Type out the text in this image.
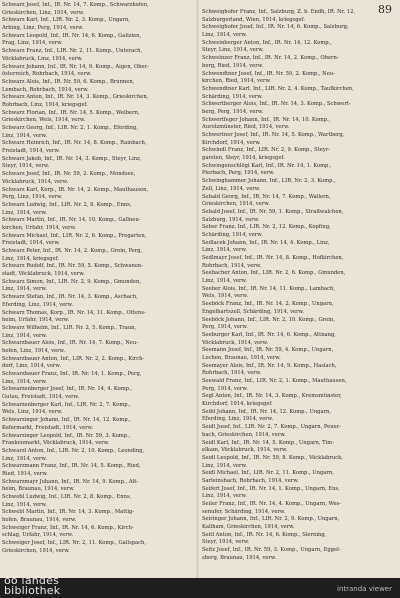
89
Schwarz Josef, Inf., IR. Nr. 14, 7. Komp., Schwarzhofen,
Grieskirchen, Linz, 1914, verw.
Schwarz Karl, Inf., LIR. Nr. 2, 3. Komp., Ungarn,
Arbing, Linz, Perg, 1914, verw.
Schwarz Leopold, Inf., IR. Nr. 14, 6. Komp., Galizien,
Prag, Linz, 1914, verw.
Schwarz Franz, Inf., LIR. Nr. 2, 11. Komp., Unterach,
Vöcklabruck, Linz, 1914, verw.
Schwarz Johann, Inf., IR. Nr. 14, 9. Komp., Aigen, Ober-
österreich, Rohrbach, 1914, verw.
Schwarz Alois, Inf., IR. Nr. 59, 6. Komp., Brunnen,
Lembach, Rohrbach, 1914, verw.
Schwarz Anton, Inf., IR. Nr. 14, 3. Komp., Grieskirchen,
Rohrbach, Linz, 1914, kriegsgef.
Schwarz Florian, Inf., IR. Nr. 14, 5. Komp., Weibern,
Grieskirchen, Wels, 1914, verw.
Schwarz Georg, Inf., LIR. Nr. 2, 1. Komp., Eferding,
Linz, 1914, verw.
Schwarz Heinrich, Inf., IR. Nr. 14, 8. Komp., Rainbach,
Freistadt, 1914, verw.
Schwarz Jakob, Inf., IR. Nr. 14, 3. Komp., Steyr, Linz,
Steyr, 1914, verw.
Schwarz Josef, Inf., IR. Nr. 59, 2. Komp., Mondsee,
Vöcklabruck, 1914, verw.
Schwarz Karl, Korp., IR. Nr. 14, 2. Komp., Mauthausen,
Perg, Linz, 1914, verw.
Schwarz Ludwig, Inf., LIR. Nr. 2, 8. Komp., Enns,
Linz, 1914, verw.
Schwarz Martin, Inf., IR. Nr. 14, 10. Komp., Gallneu-
kirchen, Urfahr, 1914, verw.
Schwarz Michael, Inf., LIR. Nr. 2, 6. Komp., Pregarten,
Freistadt, 1914, verw.
Schwarz Peter, Inf., IR. Nr. 14, 2. Komp., Grein, Perg,
Linz, 1914, kriegsgef.
Schwarz Rudolf, Inf., IR. Nr. 59, 5. Komp., Schwanen-
stadt, Vöcklabruck, 1914, verw.
Schwarz Simon, Inf., LIR. Nr. 2, 9. Komp., Gmunden,
Linz, 1914, verw.
Schwarz Stefan, Inf., IR. Nr. 14, 3. Komp., Aschach,
Eferding, Linz, 1914, verw.
Schwarz Thomas, Korp., IR. Nr. 14, 11. Komp., Ottens-
heim, Urfahr, 1914, verw.
Schwarz Wilhelm, Inf., LIR. Nr. 2, 5. Komp., Traun,
Linz, 1914, verw.
Schwarzbauer Alois, Inf., IR. Nr. 14, 7. Komp., Neu-
hofen, Linz, 1914, verw.
Schwarzbauer Anton, Inf., LIR. Nr. 2, 2. Komp., Kirch-
dorf, Linz, 1914, verw.
Schwarzbauer Franz, Inf., IR. Nr. 14, 1. Komp., Perg,
Linz, 1914, verw.
Schwarzenberger Josef, Inf., IR. Nr. 14, 4. Komp.,
Gutau, Freistadt, 1914, verw.
Schwarzenberger Karl, Inf., LIR. Nr. 2, 7. Komp.,
Wels, Linz, 1914, verw.
Schwarzinger Johann, Inf., IR. Nr. 14, 12. Komp.,
Kefermarkt, Freistadt, 1914, verw.
Schwarzinger Leopold, Inf., IR. Nr. 59, 3. Komp.,
Frankenmarkt, Vöcklabruck, 1914, verw.
Schwarzl Anton, Inf., LIR. Nr. 2, 10. Komp., Leonding,
Linz, 1914, verw.
Schwarzmann Franz, Inf., IR. Nr. 14, 5. Komp., Ried,
Ried, 1914, verw.
Schwarzmayr Johann, Inf., IR. Nr. 14, 9. Komp., Alt-
heim, Braunau, 1914, verw.
Schwebl Ludwig, Inf., LIR. Nr. 2, 8. Komp., Enns,
Linz, 1914, verw.
Schwebl Martin, Inf., IR. Nr. 14, 3. Komp., Mattig-
hofen, Braunau, 1914, verw.
Schweiger Franz, Inf., IR. Nr. 14, 6. Komp., Kirch-
schlag, Urfahr, 1914, verw.
Schweiger Josef, Inf., LIR. Nr. 2, 11. Komp., Gallspach,
Grieskirchen, 1914, verw.
Schweighofer Franz, Inf., Salzburg, Z. b. Endh, IR. Nr. 12,
Salzburgerland, Wien, 1914, kriegsgef.
Schweighofer Josef, Inf., IR. Nr. 14, 6. Komp., Salzburg,
Linz, 1914, verw.
Schweinberger Anton, Inf., IR. Nr. 14, 12. Komp.,
Steyr, Linz, 1914, verw.
Schweinzer Franz, Inf., IR. Nr. 14, 2. Komp., Obern-
berg, Ried, 1914, verw.
Schwendtner Josef, Inf., IR. Nr. 59, 2. Komp., Neu-
kirchen, Ried, 1914, verw.
Schwendtner Karl, Inf., LIR. Nr. 2, 4. Komp., Taufkirchen,
Schärding, 1914, verw.
Schwertberger Alois, Inf., IR. Nr. 14, 3. Komp., Schwert-
berg, Perg, 1914, verw.
Schwertfeger Johann, Inf., IR. Nr. 14, 10. Komp.,
Aurolzmünster, Ried, 1914, verw.
Schwertner Josef, Inf., IR. Nr. 14, 5. Komp., Wartberg,
Kirchdorf, 1914, verw.
Schwindl Franz, Inf., LIR. Nr. 2, 9. Komp., Steyr-
garsten, Steyr, 1914, kriegsgef.
Schwingenschlögl Karl, Inf., IR. Nr. 14, 1. Komp.,
Pierbach, Perg, 1914, verw.
Schwinghammer Johann, Inf., LIR. Nr. 2, 3. Komp.,
Zell, Linz, 1914, verw.
Sebald Georg, Inf., IR. Nr. 14, 7. Komp., Wallern,
Grieskirchen, 1914, verw.
Sebald Josef, Inf., IR. Nr. 59, 1. Komp., Straßwalchen,
Salzburg, 1914, verw.
Seber Franz, Inf., LIR. Nr. 2, 12. Komp., Kopfing,
Schärding, 1914, verw.
Sedlacek Johann, Inf., IR. Nr. 14, 4. Komp., Linz,
Linz, 1914, verw.
Sedlmayr Josef, Inf., IR. Nr. 14, 8. Komp., Hofkirchen,
Rohrbach, 1914, verw.
Seebacher Anton, Inf., LIR. Nr. 2, 6. Komp., Gmunden,
Linz, 1914, verw.
Seeber Alois, Inf., IR. Nr. 14, 11. Komp., Lambach,
Wels, 1914, verw.
Seeböck Franz, Inf., IR. Nr. 14, 2. Komp., Ungarn,
Engelhartszell, Schärding, 1914, verw.
Seeböck Johann, Inf., LIR. Nr. 2, 10. Komp., Grein,
Perg, 1914, verw.
Seeburger Karl, Inf., IR. Nr. 14, 6. Komp., Attnang,
Vöcklabruck, 1914, verw.
Seemann Josef, Inf., IR. Nr. 59, 4. Komp., Ungarn,
Lochen, Braunau, 1914, verw.
Seemayer Alois, Inf., IR. Nr. 14, 9. Komp., Haslach,
Rohrbach, 1914, verw.
Seewald Franz, Inf., LIR. Nr. 2, 1. Komp., Mauthausen,
Perg, 1914, verw.
Segl Anton, Inf., IR. Nr. 14, 3. Komp., Kremsmünster,
Kirchdorf, 1914, kriegsgef.
Seibl Johann, Inf., IR. Nr. 14, 12. Komp., Ungarn,
Eferding, Linz, 1914, verw.
Seidl Josef, Inf., LIR. Nr. 2, 7. Komp., Ungarn, Peuer-
bach, Grieskirchen, 1914, verw.
Seidl Karl, Inf., IR. Nr. 14, 5. Komp., Ungarn, Tim-
elkam, Vöcklabruck, 1914, verw.
Seidl Leopold, Inf., IR. Nr. 59, 8. Komp., Vöcklabruck,
Linz, 1914, verw.
Seidl Michael, Inf., LIR. Nr. 2, 11. Komp., Ungarn,
Sarleinsbach, Rohrbach, 1914, verw.
Seifert Josef, Inf., IR. Nr. 14, 1. Komp., Ungarn, Ens,
Linz, 1914, verw.
Seiler Franz, Inf., IR. Nr. 14, 4. Komp., Ungarn, Wes-
senufer, Schärding, 1914, verw.
Seiringer Johann, Inf., LIR. Nr. 2, 9. Komp., Ungarn,
Kallham, Grieskirchen, 1914, verw.
Seitl Anton, Inf., IR. Nr. 14, 6. Komp., Sierning,
Steyr, 1914, verw.
Seitz Josef, Inf., IR. Nr. 59, 3. Komp., Ungarn, Eggel-
sberg, Braunau, 1914, verw.
oö landes
bibliothek	intranda viewer
